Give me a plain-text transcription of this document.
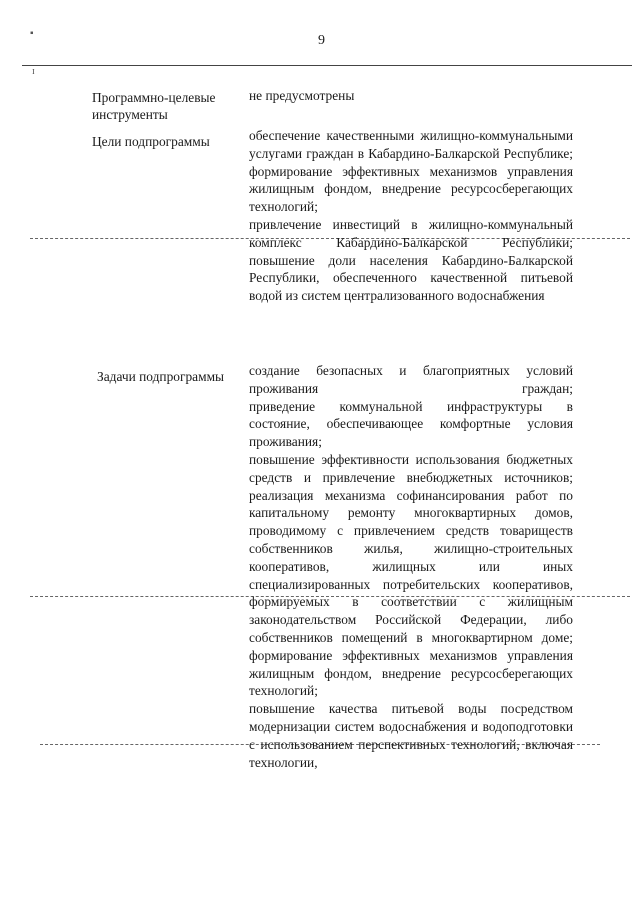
9
▪
ɪ
Программно-целевые инструменты

не предусмотрены

Цели подпрограммы	обеспечение качественными жилищно-коммунальными услугами граждан в Кабардино-Балкарской Республике;

формирование эффективных механизмов управления жилищным фондом, внедрение ресурсосберегающих технологий;

привлечение инвестиций в жилищно-коммунальный комплекс Кабардино-Балкарской Республики;

повышение доли населения Кабардино-Балкарской Республики, обеспеченного качественной питьевой водой из систем централизованного водоснабжения

Задачи подпрограммы	создание безопасных и благоприятных условий проживания граждан;

приведение коммунальной инфраструктуры в состояние, обеспечивающее комфортные условия проживания;

повышение эффективности использования бюджетных средств и привлечение внебюджетных источников;

реализация механизма софинансирования работ по капитальному ремонту многоквартирных домов, проводимому с привлечением средств товариществ собственников жилья, жилищно-строительных кооперативов, жилищных или иных специализированных потребительских кооперативов, формируемых в соответствии с жилищным законодательством Российской Федерации, либо собственников помещений в многоквартирном доме;

формирование эффективных механизмов управления жилищным фондом, внедрение ресурсосберегающих технологий;

повышение качества питьевой воды посредством модернизации систем водоснабжения и водоподготовки с использованием перспективных технологий, включая технологии,
